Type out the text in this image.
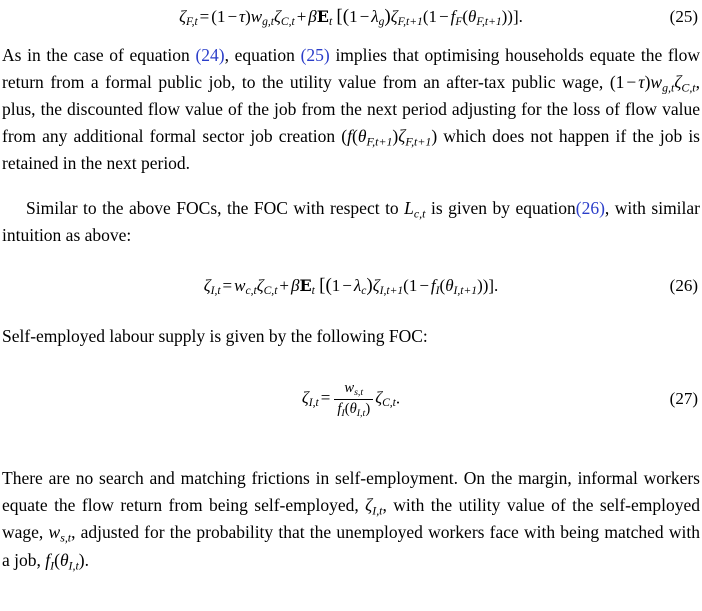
$\zeta_{F,t} = (1 - \tau)w_{g,t}\zeta_{C,t} + \beta E_t$ $[(1 - \lambda_g)\zeta_{F,t+1}(1 - f_F(\theta_{F,t+1}))]$.	(25)

As in the case of equation (24), equation (25) implies that optimising households equate the flow return from a formal public job, to the utility value from an after-tax public wage, $(1 - \tau)w_{g,t}\zeta_{C,t}$, plus, the discounted flow value of the job from the next period adjusting for the loss of flow value from any additional formal sector job creation $(f(\theta_{F,t+1})\zeta_{F,t+1})$ which does not happen if the job is retained in the next period.

Similar to the above FOCs, the FOC with respect to $L_{c,t}$ is given by equation(26), with similar intuition as above:

$\zeta_{I,t} = w_{c,t}\zeta_{C,t} + \beta E_t$ $[(1 - \lambda_c)\zeta_{I,t+1}(1 - f_I(\theta_{I,t+1}))]$.	(26)

Self-employed labour supply is given by the following FOC:

$\zeta_{I,t} = \frac{w_{s,t}}{f_I(\theta_{I,t})} \zeta_{C,t}$.	(27)

There are no search and matching frictions in self-employment. On the margin, informal workers equate the flow return from being self-employed, $\zeta_{I,t}$, with the utility value of the self-employed wage, $w_{s,t}$, adjusted for the probability that the unemployed workers face with being matched with a job, $f_I(\theta_{I,t})$.
